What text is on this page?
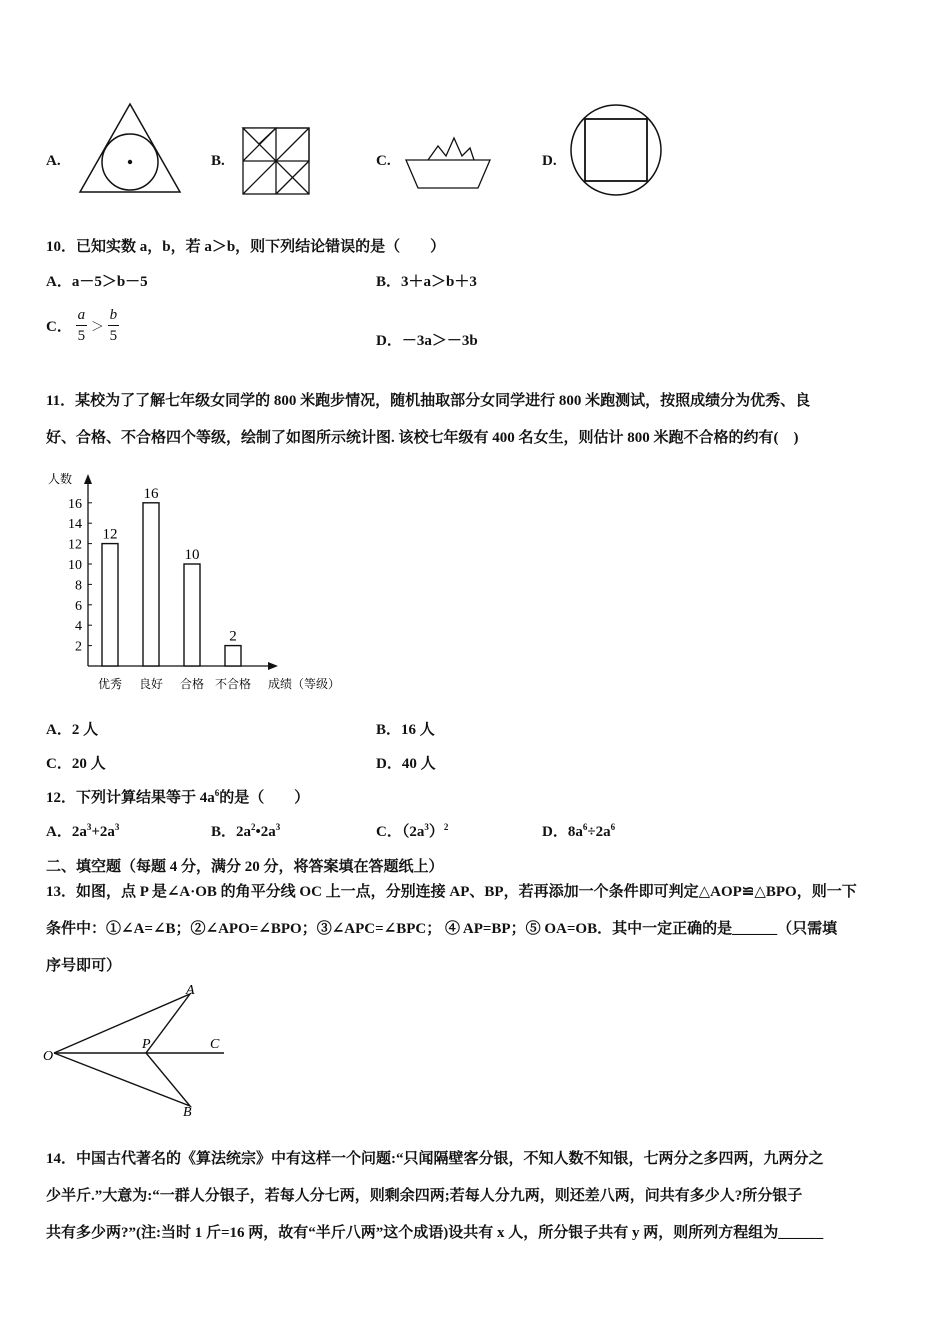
A.	B.	C.	D.
10．已知实数 a，b，若 a＞b，则下列结论错误的是（　　）
A．a－5＞b－5	B．3＋a＞b＋3
C． $\frac{a}{5} > \frac{b}{5}$	D．－3a＞－3b
11．某校为了了解七年级女同学的 800 米跑步情况，随机抽取部分女同学进行 800 米跑测试，按照成绩分为优秀、良
好、合格、不合格四个等级，绘制了如图所示统计图. 该校七年级有 400 名女生，则估计 800 米跑不合格的约有(　)
人数
2
4
6
8
10
12
14
16
12
优秀
16
良好
10
合格
2
不合格 成绩（等级）
A．2 人	B．16 人
C．20 人	D．40 人
12．下列计算结果等于 $4a^6$的是（　　）
A．$2a^3+2a^3$	B．$2a^2•2a^3$	C．$(2a^3)^2$	D．$8a^6\div 2a^6$
二、填空题（每题 4 分，满分 20 分，将答案填在答题纸上）
13．如图，点 P 是∠A·OB 的角平分线 OC 上一点，分别连接 AP、BP，若再添加一个条件即可判定△AOP≌△BPO，则一下
条件中：①∠A=∠B；②∠APO=∠BPO；③∠APC=∠BPC； ④ AP=BP；⑤ OA=OB．其中一定正确的是______（只需填
序号即可）
O
A
P	C
B
14．中国古代著名的《算法统宗》中有这样一个问题:“只闻隔壁客分银，不知人数不知银，七两分之多四两，九两分之
少半斤.”大意为:“一群人分银子，若每人分七两，则剩余四两;若每人分九两，则还差八两，问共有多少人?所分银子
共有多少两?”(注:当时 1 斤=16 两，故有“半斤八两”这个成语)设共有 x 人，所分银子共有 y 两，则所列方程组为______
